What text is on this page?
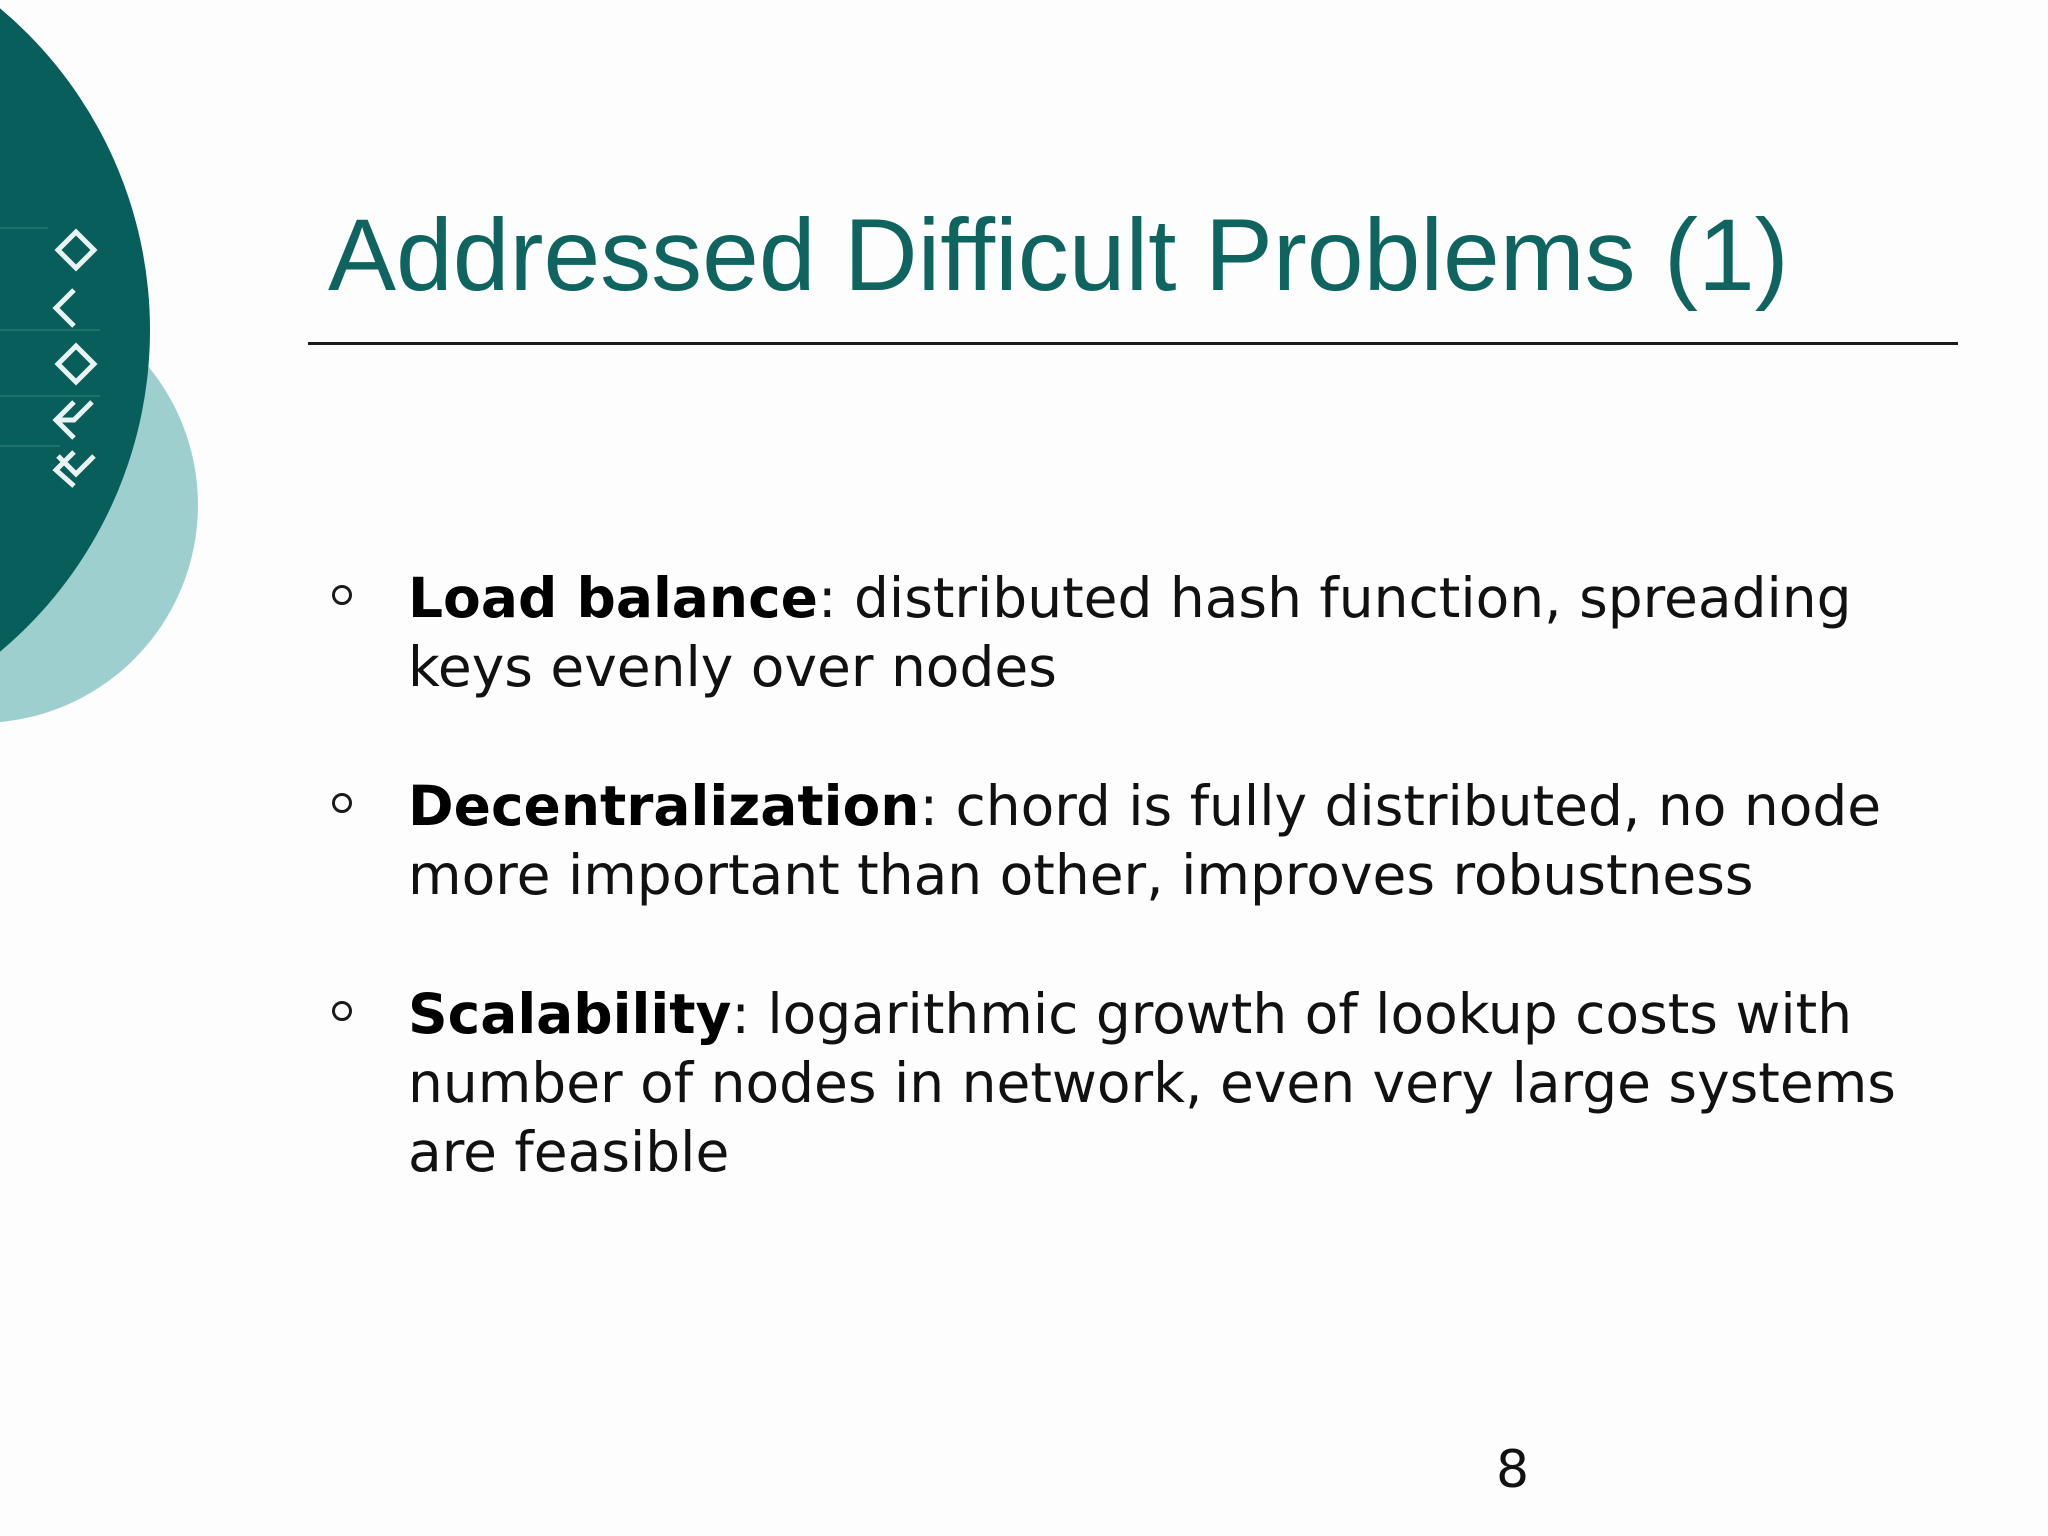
Addressed Difficult Problems (1)
Load balance: distributed hash function, spreading keys evenly over nodes
Decentralization: chord is fully distributed, no node more important than other, improves robustness
Scalability: logarithmic growth of lookup costs with number of nodes in network, even very large systems are feasible
8
